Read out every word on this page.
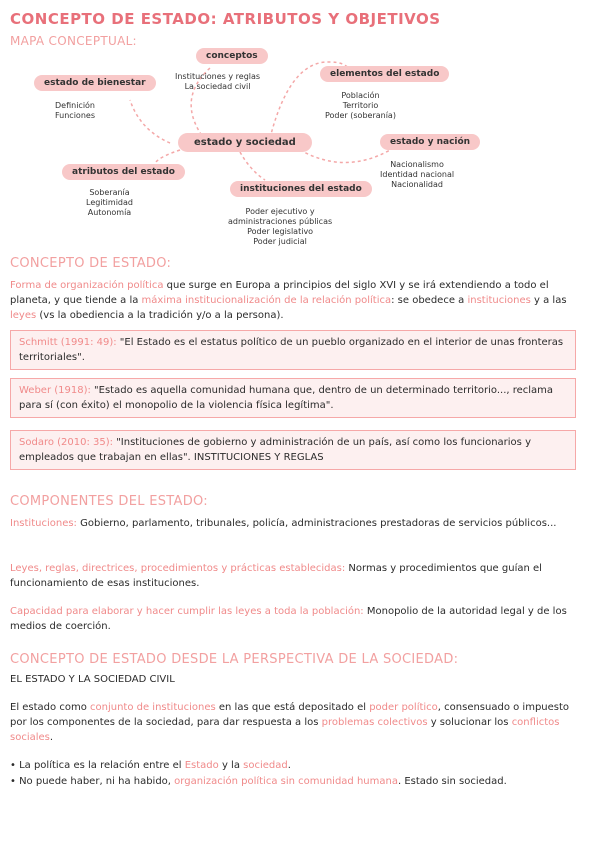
CONCEPTO DE ESTADO: ATRIBUTOS Y OBJETIVOS
MAPA CONCEPTUAL:
estado y sociedad
estado de bienestar
Definición
Funciones
conceptos
Instituciones y reglas
La sociedad civil
elementos del estado
Población
Territorio
Poder (soberanía)
estado y nación
Nacionalismo
Identidad nacional
Nacionalidad
atributos del estado
Soberanía
Legitimidad
Autonomía
instituciones del estado
Poder ejecutivo y
administraciones públicas
Poder legislativo
Poder judicial
CONCEPTO DE ESTADO:
Forma de organización política que surge en Europa a principios del siglo XVI y se irá extendiendo a todo el planeta, y que tiende a la máxima institucionalización de la relación política: se obedece a instituciones y a las leyes (vs la obediencia a la tradición y/o a la persona).
Schmitt (1991: 49): "El Estado es el estatus político de un pueblo organizado en el interior de unas fronteras territoriales".
Weber (1918): "Estado es aquella comunidad humana que, dentro de un determinado territorio..., reclama para sí (con éxito) el monopolio de la violencia física legítima".
Sodaro (2010: 35): "Instituciones de gobierno y administración de un país, así como los funcionarios y empleados que trabajan en ellas". INSTITUCIONES Y REGLAS
COMPONENTES DEL ESTADO:
Instituciones: Gobierno, parlamento, tribunales, policía, administraciones prestadoras de servicios públicos...
Leyes, reglas, directrices, procedimientos y prácticas establecidas: Normas y procedimientos que guían el funcionamiento de esas instituciones.
Capacidad para elaborar y hacer cumplir las leyes a toda la población: Monopolio de la autoridad legal y de los medios de coerción.
CONCEPTO DE ESTADO DESDE LA PERSPECTIVA DE LA SOCIEDAD:
EL ESTADO Y LA SOCIEDAD CIVIL
El estado como conjunto de instituciones en las que está depositado el poder político, consensuado o impuesto por los componentes de la sociedad, para dar respuesta a los problemas colectivos y solucionar los conflictos sociales.
• La política es la relación entre el Estado y la sociedad.
• No puede haber, ni ha habido, organización política sin comunidad humana. Estado sin sociedad.
